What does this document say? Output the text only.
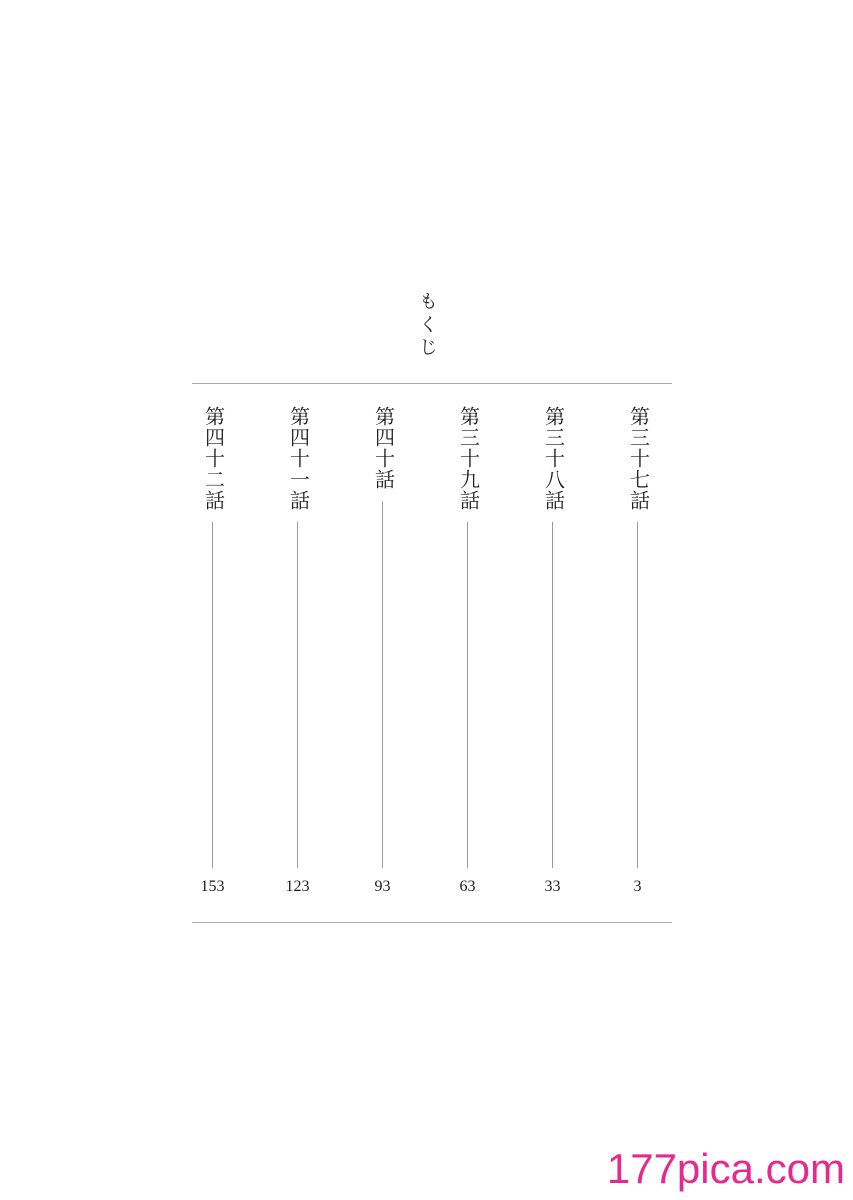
もくじ
第三十七話
3
第三十八話
33
第三十九話
63
第四十話
93
第四十一話
123
第四十二話
153
177pica.com
